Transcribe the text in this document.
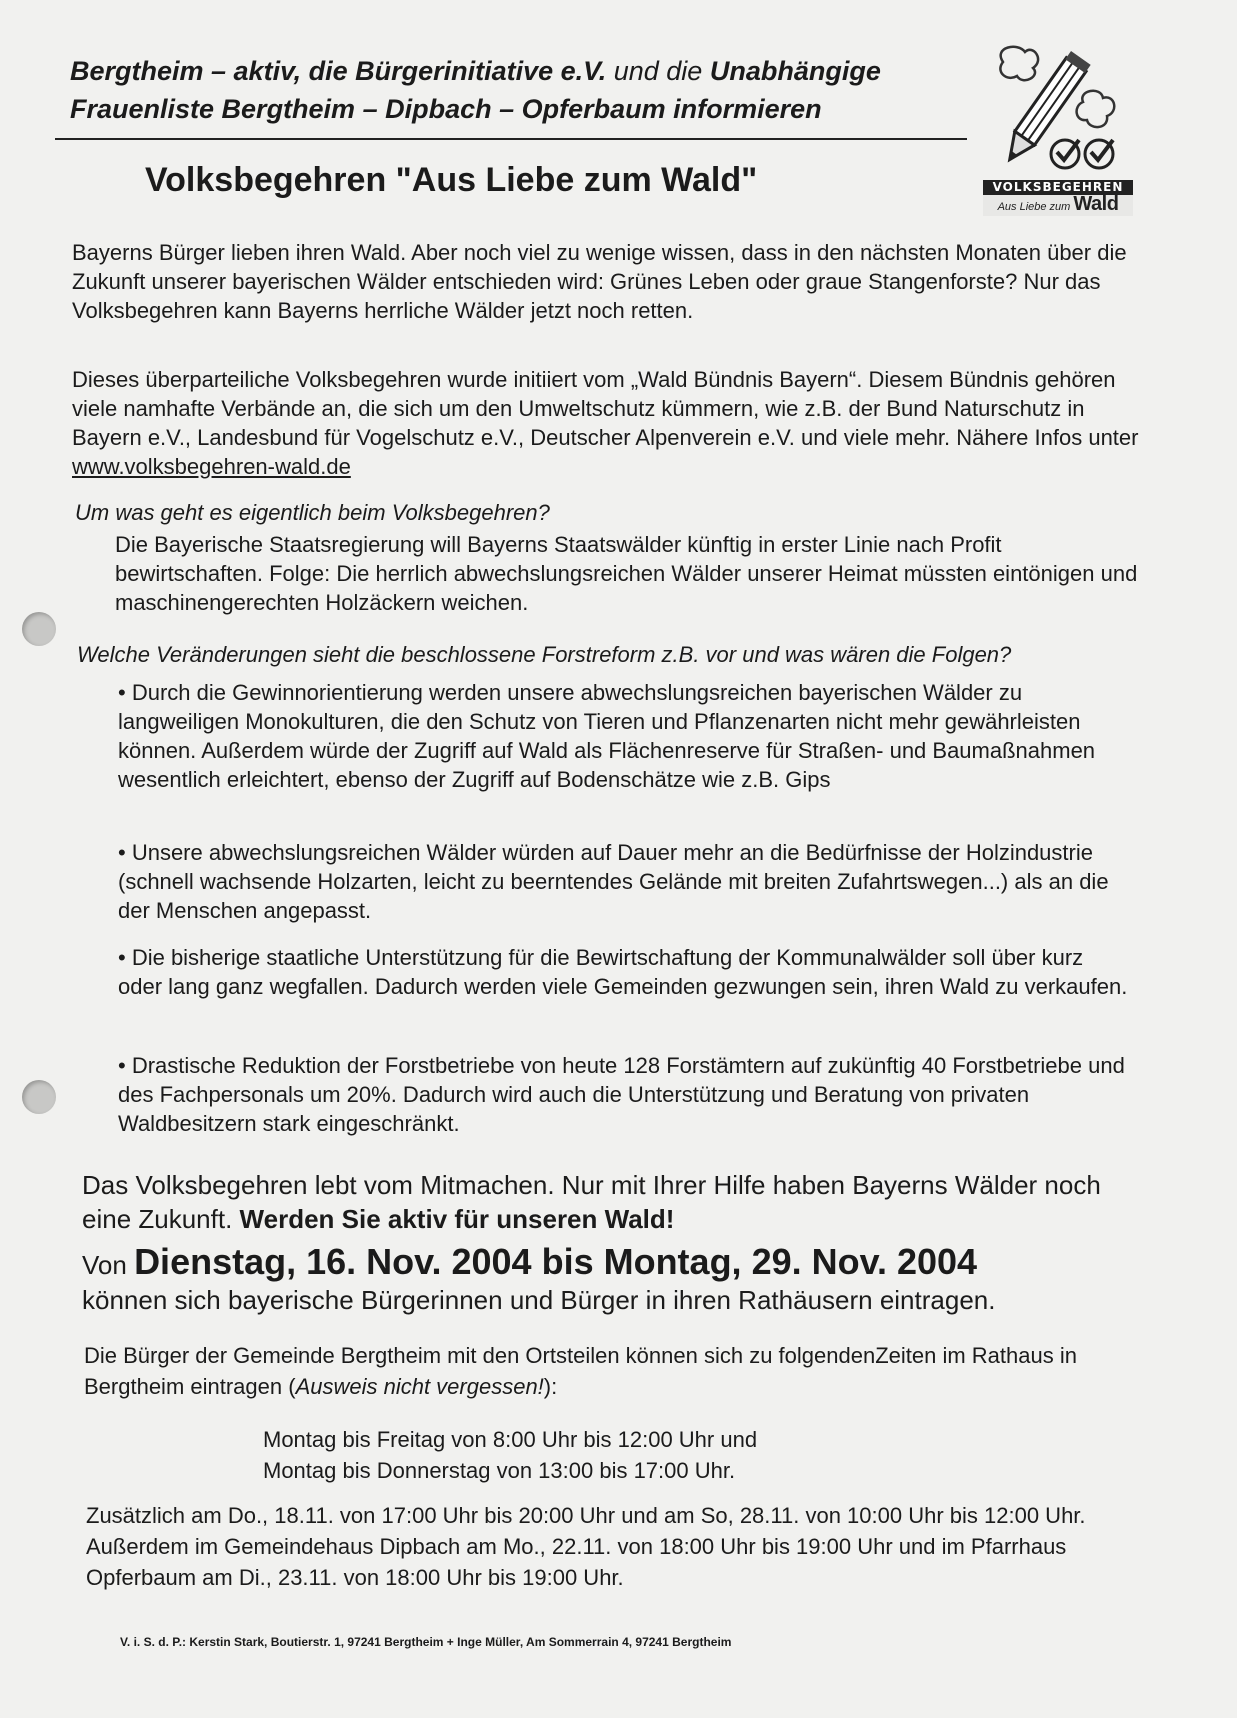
Bergtheim – aktiv, die Bürgerinitiative e.V. und die Unabhängige
Frauenliste Bergtheim – Dipbach – Opferbaum informieren
Volksbegehren "Aus Liebe zum Wald"	VOLKSBEGEHREN
Aus Liebe zum Wald

Bayerns Bürger lieben ihren Wald. Aber noch viel zu wenige wissen, dass in den nächsten Monaten über die Zukunft unserer bayerischen Wälder entschieden wird: Grünes Leben oder graue Stangenforste? Nur das Volksbegehren kann Bayerns herrliche Wälder jetzt noch retten.

Dieses überparteiliche Volksbegehren wurde initiiert vom „Wald Bündnis Bayern“. Diesem Bündnis gehören viele namhafte Verbände an, die sich um den Umweltschutz kümmern, wie z.B. der Bund Naturschutz in Bayern e.V., Landesbund für Vogelschutz e.V., Deutscher Alpenverein e.V. und viele mehr. Nähere Infos unter www.volksbegehren-wald.de

Um was geht es eigentlich beim Volksbegehren?

Die Bayerische Staatsregierung will Bayerns Staatswälder künftig in erster Linie nach Profit bewirtschaften. Folge: Die herrlich abwechslungsreichen Wälder unserer Heimat müssten eintönigen und maschinengerechten Holzäckern weichen.

Welche Veränderungen sieht die beschlossene Forstreform z.B. vor und was wären die Folgen?

• Durch die Gewinnorientierung werden unsere abwechslungsreichen bayerischen Wälder zu langweiligen Monokulturen, die den Schutz von Tieren und Pflanzenarten nicht mehr gewährleisten können. Außerdem würde der Zugriff auf Wald als Flächenreserve für Straßen- und Baumaßnahmen wesentlich erleichtert, ebenso der Zugriff auf Bodenschätze wie z.B. Gips

• Unsere abwechslungsreichen Wälder würden auf Dauer mehr an die Bedürfnisse der Holzindustrie (schnell wachsende Holzarten, leicht zu beerntendes Gelände mit breiten Zufahrtswegen...) als an die der Menschen angepasst.

• Die bisherige staatliche Unterstützung für die Bewirtschaftung der Kommunalwälder soll über kurz oder lang ganz wegfallen. Dadurch werden viele Gemeinden gezwungen sein, ihren Wald zu verkaufen.

• Drastische Reduktion der Forstbetriebe von heute 128 Forstämtern auf zukünftig 40 Forstbetriebe und des Fachpersonals um 20%. Dadurch wird auch die Unterstützung und Beratung von privaten Waldbesitzern stark eingeschränkt.

Das Volksbegehren lebt vom Mitmachen. Nur mit Ihrer Hilfe haben Bayerns Wälder noch eine Zukunft. Werden Sie aktiv für unseren Wald!

Von Dienstag, 16. Nov. 2004 bis Montag, 29. Nov. 2004

können sich bayerische Bürgerinnen und Bürger in ihren Rathäusern eintragen.

Die Bürger der Gemeinde Bergtheim mit den Ortsteilen können sich zu folgendenZeiten im Rathaus in Bergtheim eintragen (Ausweis nicht vergessen!):

Montag bis Freitag von 8:00 Uhr bis 12:00 Uhr und
Montag bis Donnerstag von 13:00 bis 17:00 Uhr.

Zusätzlich am Do., 18.11. von 17:00 Uhr bis 20:00 Uhr und am So, 28.11. von 10:00 Uhr bis 12:00 Uhr. Außerdem im Gemeindehaus Dipbach am Mo., 22.11. von 18:00 Uhr bis 19:00 Uhr und im Pfarrhaus Opferbaum am Di., 23.11. von 18:00 Uhr bis 19:00 Uhr.

V. i. S. d. P.: Kerstin Stark, Boutierstr. 1, 97241 Bergtheim + Inge Müller, Am Sommerrain 4, 97241 Bergtheim
